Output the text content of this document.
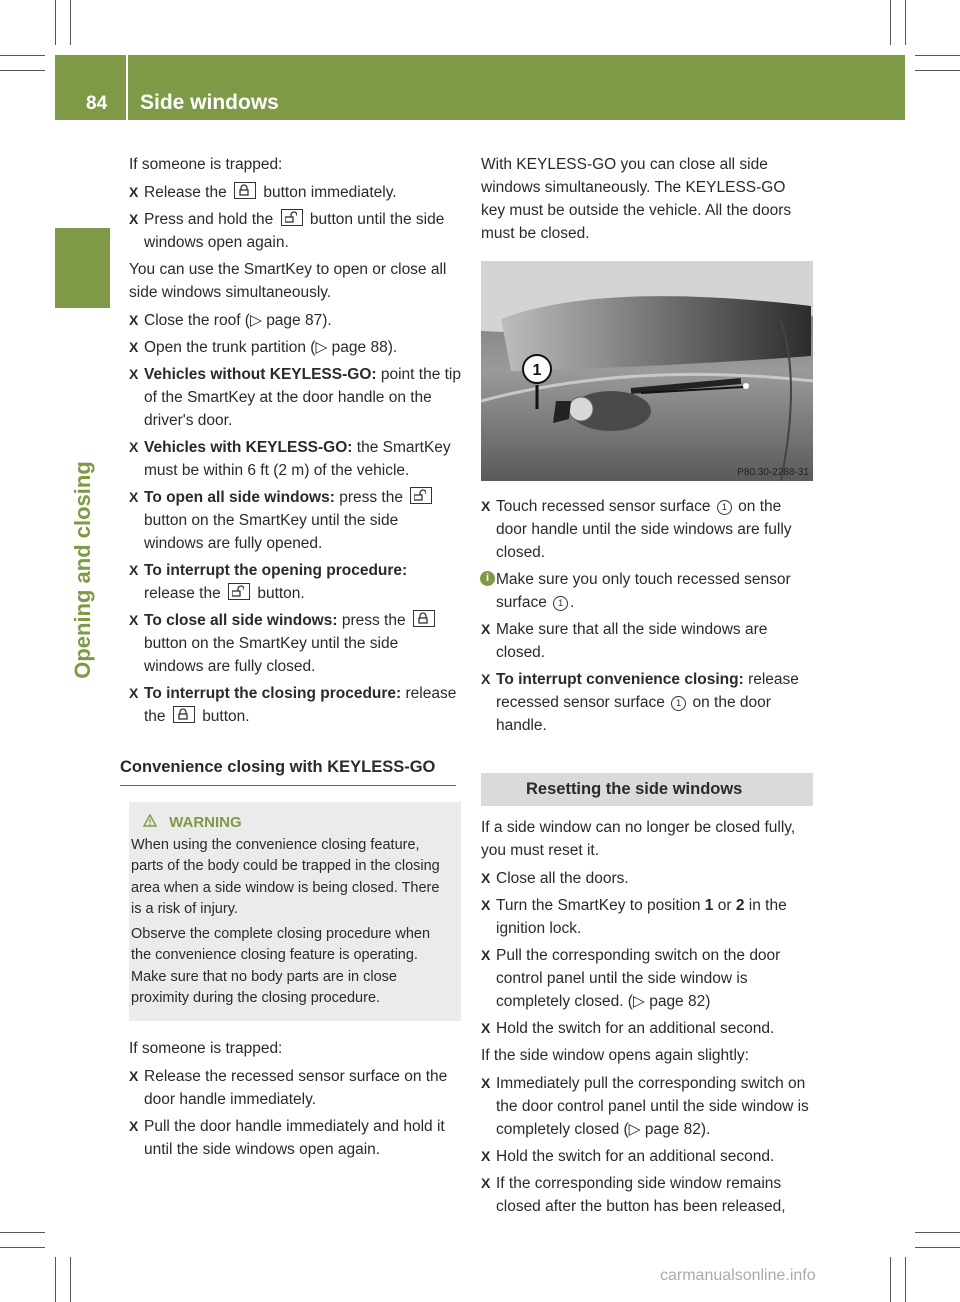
84 Side windows
Opening and closing

If someone is trapped:

X Release the button immediately.
X Press and hold the button until the side windows open again.

You can use the SmartKey to open or close all side windows simultaneously.

X Close the roof (▷ page 87).
X Open the trunk partition (▷ page 88).
X Vehicles without KEYLESS-GO: point the tip of the SmartKey at the door handle on the driver's door.
X Vehicles with KEYLESS-GO: the SmartKey must be within 6 ft (2 m) of the vehicle.
X To open all side windows: press the
button on the SmartKey until the side windows are fully opened.
X To interrupt the opening procedure: release the button.
X To close all side windows: press the
button on the SmartKey until the side windows are fully closed.
X To interrupt the closing procedure: release the button.
Convenience closing with KEYLESS-GO
WARNING

When using the convenience closing feature, parts of the body could be trapped in the closing area when a side window is being closed. There is a risk of injury.

Observe the complete closing procedure when the convenience closing feature is operating. Make sure that no body parts are in close proximity during the closing procedure.

If someone is trapped:

X Release the recessed sensor surface on the door handle immediately.
X Pull the door handle immediately and hold it until the side windows open again.

With KEYLESS-GO you can close all side windows simultaneously. The KEYLESS-GO key must be outside the vehicle. All the doors must be closed.

1
P80.30-2288-31
X Touch recessed sensor surface 1 on the door handle until the side windows are fully closed.
i Make sure you only touch recessed sensor surface 1 .
X Make sure that all the side windows are closed.
X To interrupt convenience closing: release recessed sensor surface 1 on the door handle.
Resetting the side windows

If a side window can no longer be closed fully, you must reset it.

X Close all the doors.
X Turn the SmartKey to position 1 or 2 in the ignition lock.
X Pull the corresponding switch on the door control panel until the side window is completely closed. (▷ page 82)
X Hold the switch for an additional second.

If the side window opens again slightly:

X Immediately pull the corresponding switch on the door control panel until the side window is completely closed (▷ page 82).
X Hold the switch for an additional second.
X If the corresponding side window remains closed after the button has been released,
carmanualsonline.info
